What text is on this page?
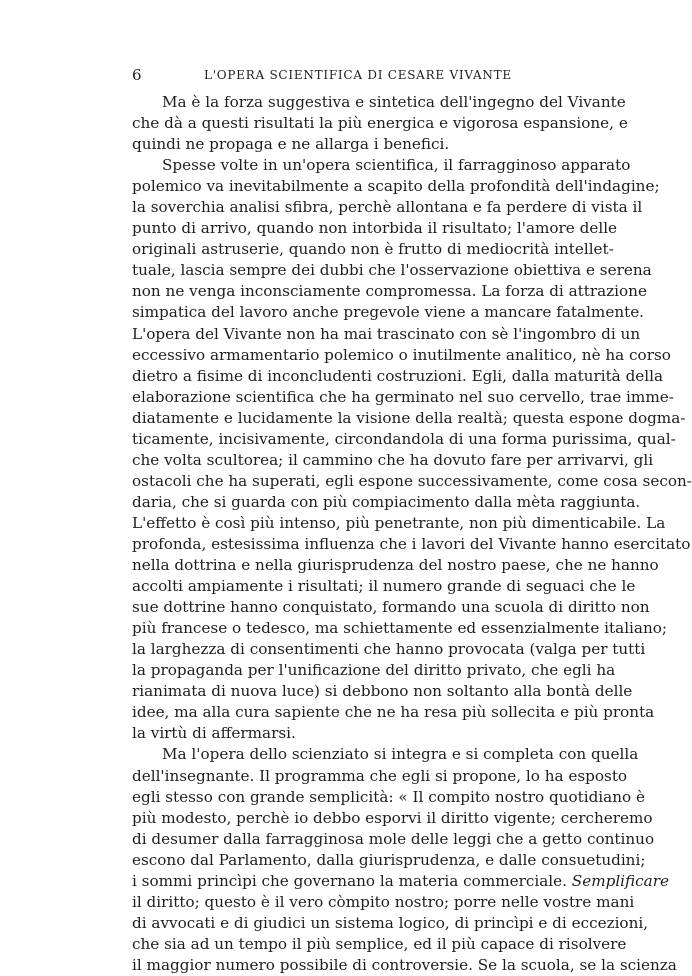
6	L'OPERA SCIENTIFICA DI CESARE VIVANTE
Ma è la forza suggestiva e sintetica dell'ingegno del Vivante
che dà a questi risultati la più energica e vigorosa espansione, e
quindi ne propaga e ne allarga i benefici.
Spesse volte in un'opera scientifica, il farragginoso apparato
polemico va inevitabilmente a scapito della profondità dell'indagine;
la soverchia analisi sfibra, perchè allontana e fa perdere di vista il
punto di arrivo, quando non intorbida il risultato; l'amore delle
originali astruserie, quando non è frutto di mediocrità intellet-
tuale, lascia sempre dei dubbi che l'osservazione obiettiva e serena
non ne venga inconsciamente compromessa. La forza di attrazione
simpatica del lavoro anche pregevole viene a mancare fatalmente.
L'opera del Vivante non ha mai trascinato con sè l'ingombro di un
eccessivo armamentario polemico o inutilmente analitico, nè ha corso
dietro a fisime di inconcludenti costruzioni. Egli, dalla maturità della
elaborazione scientifica che ha germinato nel suo cervello, trae imme-
diatamente e lucidamente la visione della realtà; questa espone dogma-
ticamente, incisivamente, circondandola di una forma purissima, qual-
che volta scultorea; il cammino che ha dovuto fare per arrivarvi, gli
ostacoli che ha superati, egli espone successivamente, come cosa secon-
daria, che si guarda con più compiacimento dalla mèta raggiunta.
L'effetto è così più intenso, più penetrante, non più dimenticabile. La
profonda, estesissima influenza che i lavori del Vivante hanno esercitato
nella dottrina e nella giurisprudenza del nostro paese, che ne hanno
accolti ampiamente i risultati; il numero grande di seguaci che le
sue dottrine hanno conquistato, formando una scuola di diritto non
più francese o tedesco, ma schiettamente ed essenzialmente italiano;
la larghezza di consentimenti che hanno provocata (valga per tutti
la propaganda per l'unificazione del diritto privato, che egli ha
rianimata di nuova luce) si debbono non soltanto alla bontà delle
idee, ma alla cura sapiente che ne ha resa più sollecita e più pronta
la virtù di affermarsi.
Ma l'opera dello scienziato si integra e si completa con quella
dell'insegnante. Il programma che egli si propone, lo ha esposto
egli stesso con grande semplicità: « Il compito nostro quotidiano è
più modesto, perchè io debbo esporvi il diritto vigente; cercheremo
di desumer dalla farragginosa mole delle leggi che a getto continuo
escono dal Parlamento, dalla giurisprudenza, e dalle consuetudini;
i sommi princìpi che governano la materia commerciale. Semplificare
il diritto; questo è il vero còmpito nostro; porre nelle vostre mani
di avvocati e di giudici un sistema logico, di princìpi e di eccezioni,
che sia ad un tempo il più semplice, ed il più capace di risolvere
il maggior numero possibile di controversie. Se la scuola, se la scienza
